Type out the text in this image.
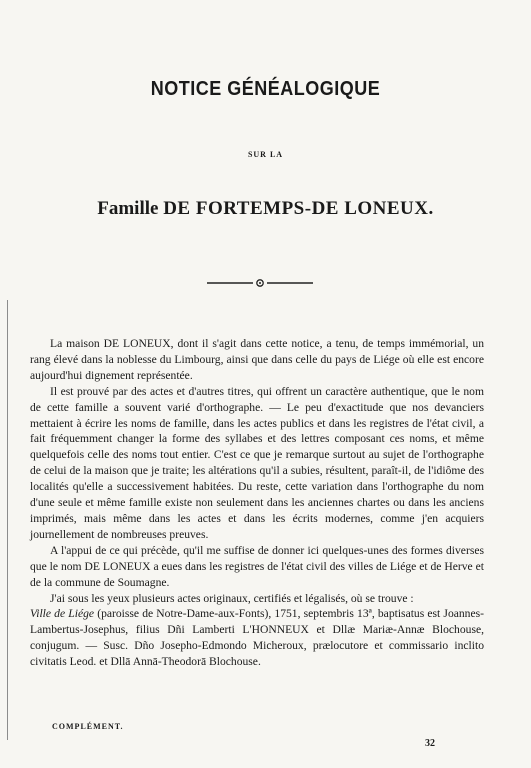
NOTICE GÉNÉALOGIQUE
SUR LA
Famille DE FORTEMPS-DE LONEUX.

La maison DE LONEUX, dont il s'agit dans cette notice, a tenu, de temps immémorial, un rang élevé dans la noblesse du Limbourg, ainsi que dans celle du pays de Liége où elle est encore aujourd'hui dignement représentée.

Il est prouvé par des actes et d'autres titres, qui offrent un caractère authentique, que le nom de cette famille a souvent varié d'orthographe. — Le peu d'exactitude que nos devanciers mettaient à écrire les noms de famille, dans les actes publics et dans les registres de l'état civil, a fait fréquemment changer la forme des syllabes et des lettres composant ces noms, et même quelquefois celle des noms tout entier. C'est ce que je remarque surtout au sujet de l'orthographe de celui de la maison que je traite; les altérations qu'il a subies, résultent, paraît-il, de l'idiôme des localités qu'elle a successivement habitées. Du reste, cette variation dans l'orthographe du nom d'une seule et même famille existe non seulement dans les anciennes chartes ou dans les anciens imprimés, mais même dans les actes et dans les écrits modernes, comme j'en acquiers journellement de nombreuses preuves.

A l'appui de ce qui précède, qu'il me suffise de donner ici quelques-unes des formes diverses que le nom DE LONEUX a eues dans les registres de l'état civil des villes de Liége et de Herve et de la commune de Soumagne.

J'ai sous les yeux plusieurs actes originaux, certifiés et légalisés, où se trouve :

Ville de Liége (paroisse de Notre-Dame-aux-Fonts), 1751, septembris 13ª, baptisatus est Joannes-Lambertus-Josephus, filius Dñi Lamberti L'HONNEUX et Dllæ Mariæ-Annæ Blochouse, conjugum. — Susc. Dño Josepho-Edmondo Micheroux, prælocutore et commissario inclito civitatis Leod. et Dllā Annā-Theodorā Blochouse.

COMPLÉMENT.
32
